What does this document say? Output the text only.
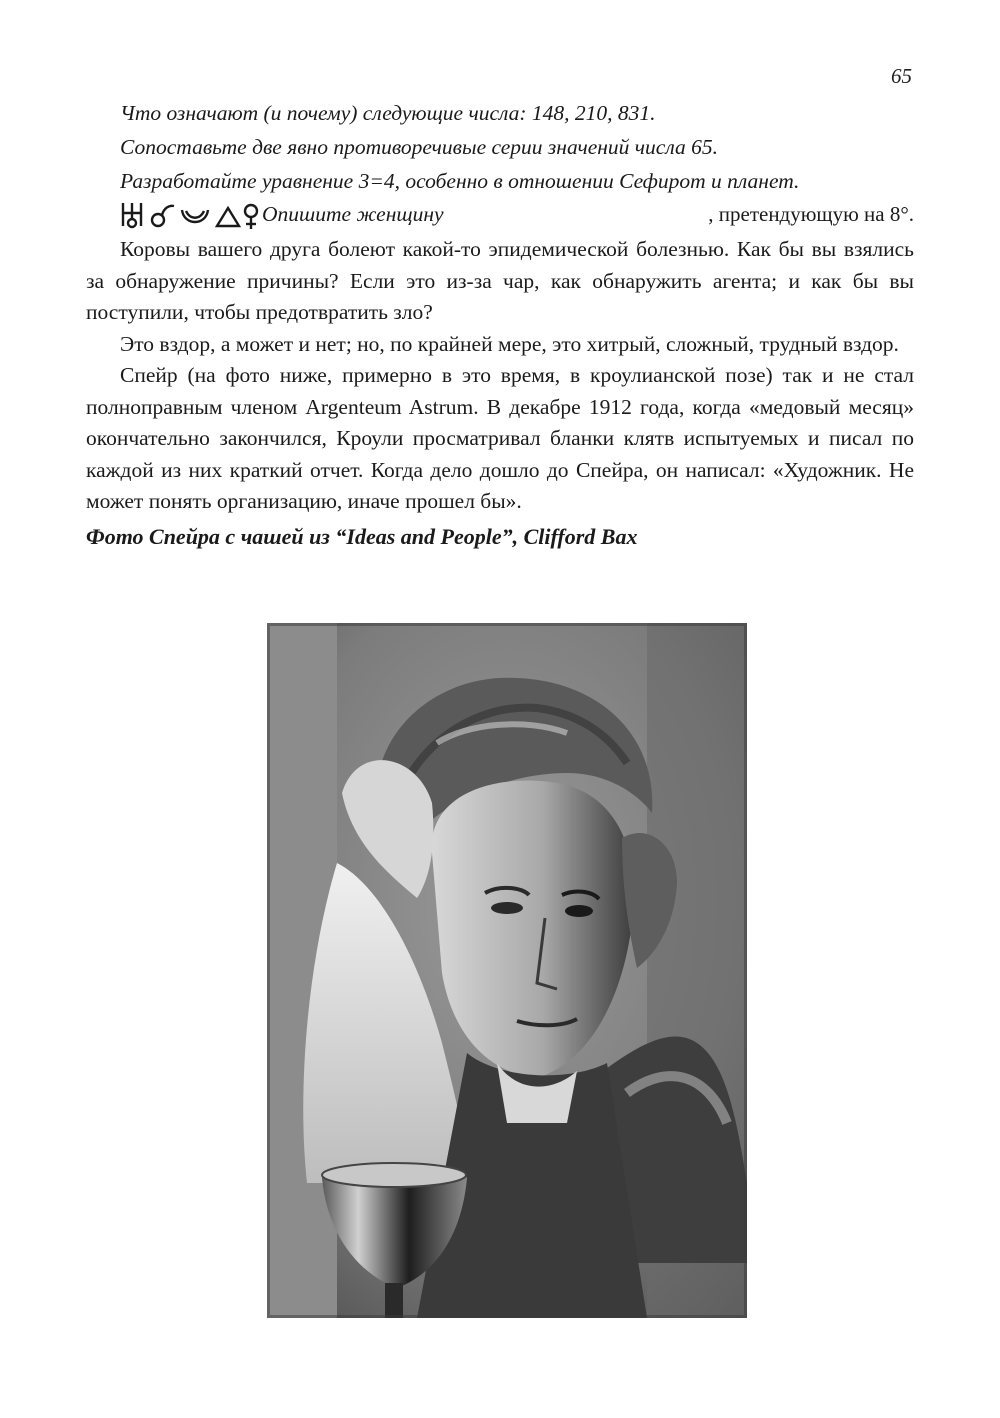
65

Что означают (и почему) следующие числа: 148, 210, 831.

Сопоставьте две явно противоречивые серии значений числа 65.

Разработайте уравнение 3=4, особенно в отношении Сефирот и планет.

Опишите женщину	, претендующую на 8°.

Коровы вашего друга болеют какой-то эпидемической болезнью. Как бы вы взялись за обнаружение причины? Если это из-за чар, как обнаружить агента; и как бы вы поступили, чтобы предотвратить зло?

Это вздор, а может и нет; но, по крайней мере, это хитрый, сложный, трудный вздор.

Спейр (на фото ниже, примерно в это время, в кроулианской позе) так и не стал полноправным членом Argenteum Astrum. В декабре 1912 года, когда «медовый месяц» окончательно закончился, Кроули просматривал бланки клятв испытуемых и писал по каждой из них краткий отчет. Когда дело дошло до Спейра, он написал: «Художник. Не может понять организацию, иначе прошел бы».

Фото Спейра с чашей из “Ideas and People”, Clifford Bax
